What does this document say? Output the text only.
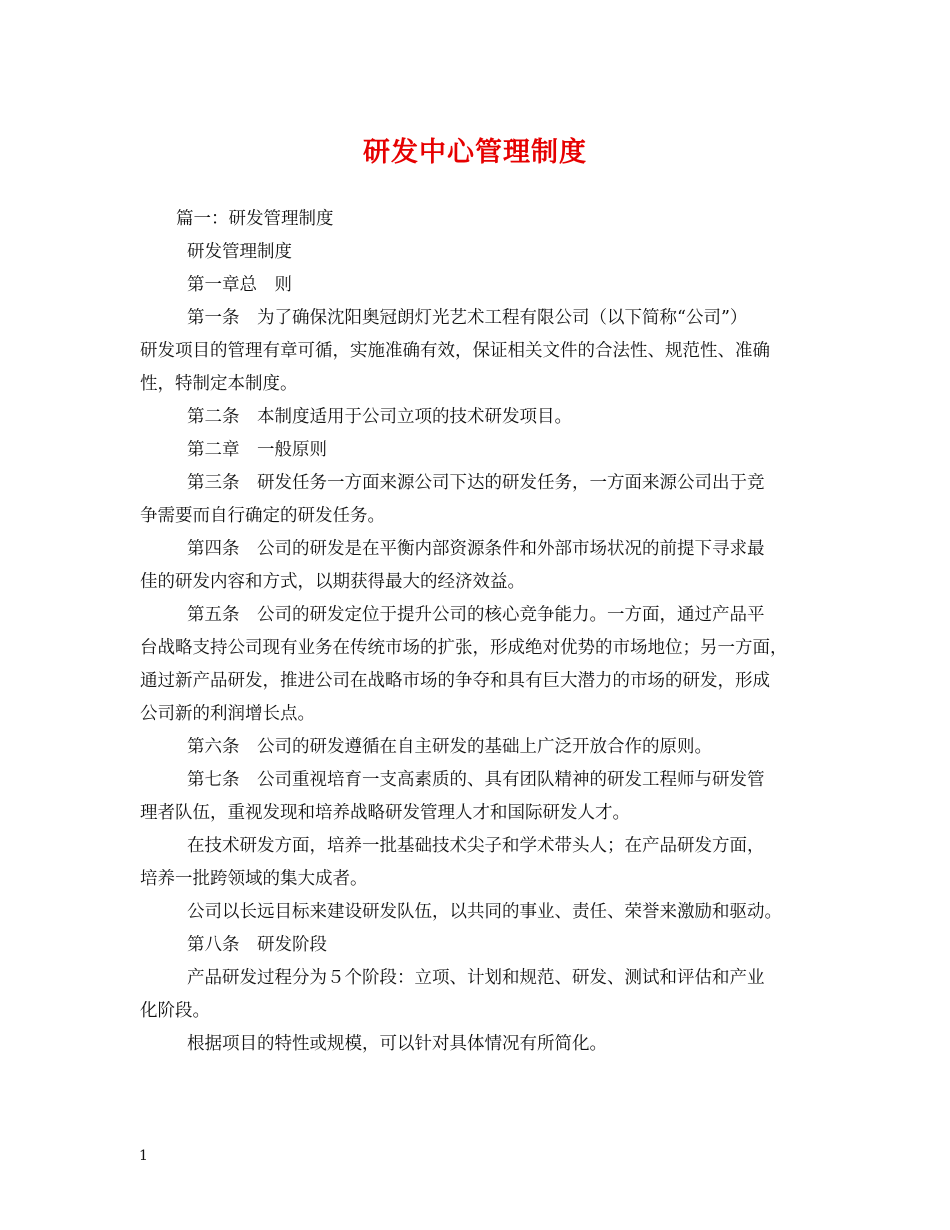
研发中心管理制度
篇一：研发管理制度
研发管理制度
第一章总　则
第一条　为了确保沈阳奥冠朗灯光艺术工程有限公司（以下简称“公司”）
研发项目的管理有章可循，实施准确有效，保证相关文件的合法性、规范性、准确
性，特制定本制度。
第二条　本制度适用于公司立项的技术研发项目。
第二章　一般原则
第三条　研发任务一方面来源公司下达的研发任务，一方面来源公司出于竞
争需要而自行确定的研发任务。
第四条　公司的研发是在平衡内部资源条件和外部市场状况的前提下寻求最
佳的研发内容和方式，以期获得最大的经济效益。
第五条　公司的研发定位于提升公司的核心竞争能力。一方面，通过产品平
台战略支持公司现有业务在传统市场的扩张，形成绝对优势的市场地位；另一方面，
通过新产品研发，推进公司在战略市场的争夺和具有巨大潜力的市场的研发，形成
公司新的利润增长点。
第六条　公司的研发遵循在自主研发的基础上广泛开放合作的原则。
第七条　公司重视培育一支高素质的、具有团队精神的研发工程师与研发管
理者队伍，重视发现和培养战略研发管理人才和国际研发人才。
在技术研发方面，培养一批基础技术尖子和学术带头人；在产品研发方面，
培养一批跨领域的集大成者。
公司以长远目标来建设研发队伍，以共同的事业、责任、荣誉来激励和驱动。
第八条　研发阶段
产品研发过程分为５个阶段：立项、计划和规范、研发、测试和评估和产业
化阶段。
根据项目的特性或规模，可以针对具体情况有所简化。
1
